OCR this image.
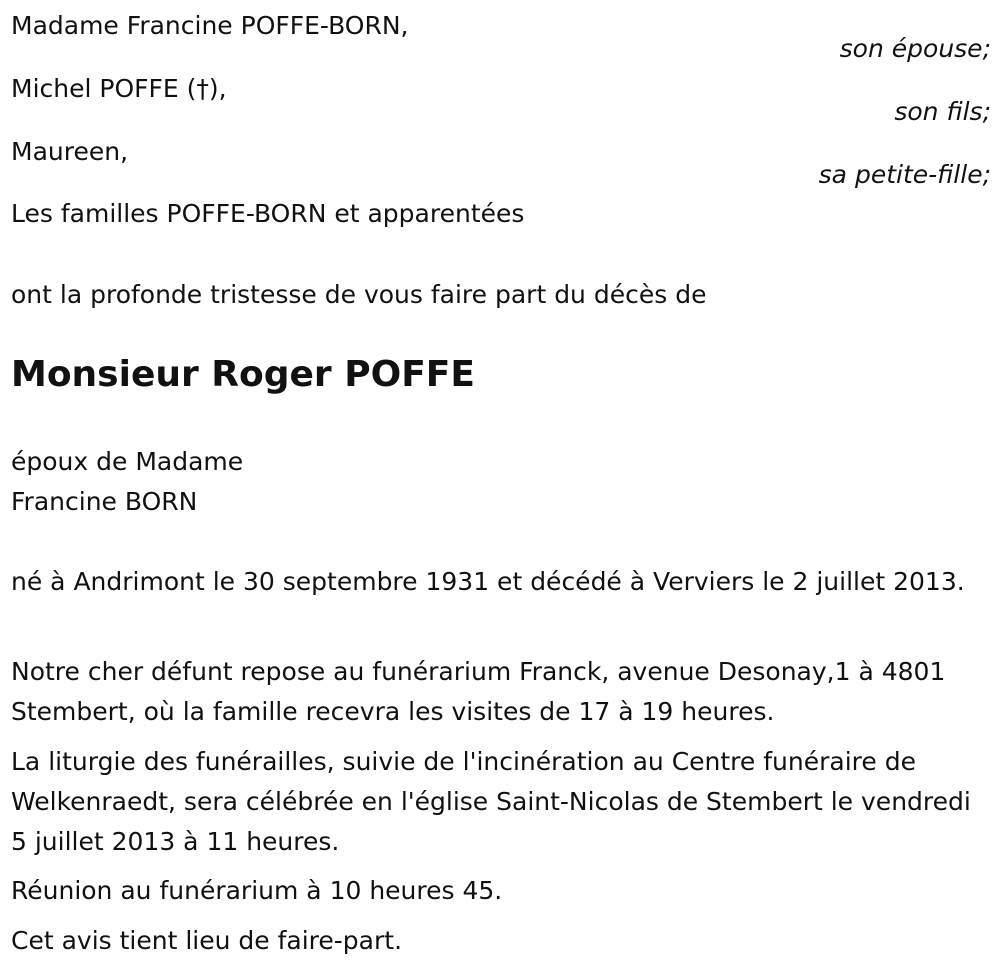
Madame Francine POFFE-BORN,
son épouse;
Michel POFFE (†),
son fils;
Maureen,
sa petite-fille;
Les familles POFFE-BORN et apparentées
ont la profonde tristesse de vous faire part du décès de
Monsieur Roger POFFE
époux de Madame
Francine BORN
né à Andrimont le 30 septembre 1931 et décédé à Verviers le 2 juillet 2013.
Notre cher défunt repose au funérarium Franck, avenue Desonay,1 à 4801 Stembert, où la famille recevra les visites de 17 à 19 heures.
La liturgie des funérailles, suivie de l'incinération au Centre funéraire de Welkenraedt, sera célébrée en l'église Saint-Nicolas de Stembert le vendredi 5 juillet 2013 à 11 heures.
Réunion au funérarium à 10 heures 45.
Cet avis tient lieu de faire-part.
